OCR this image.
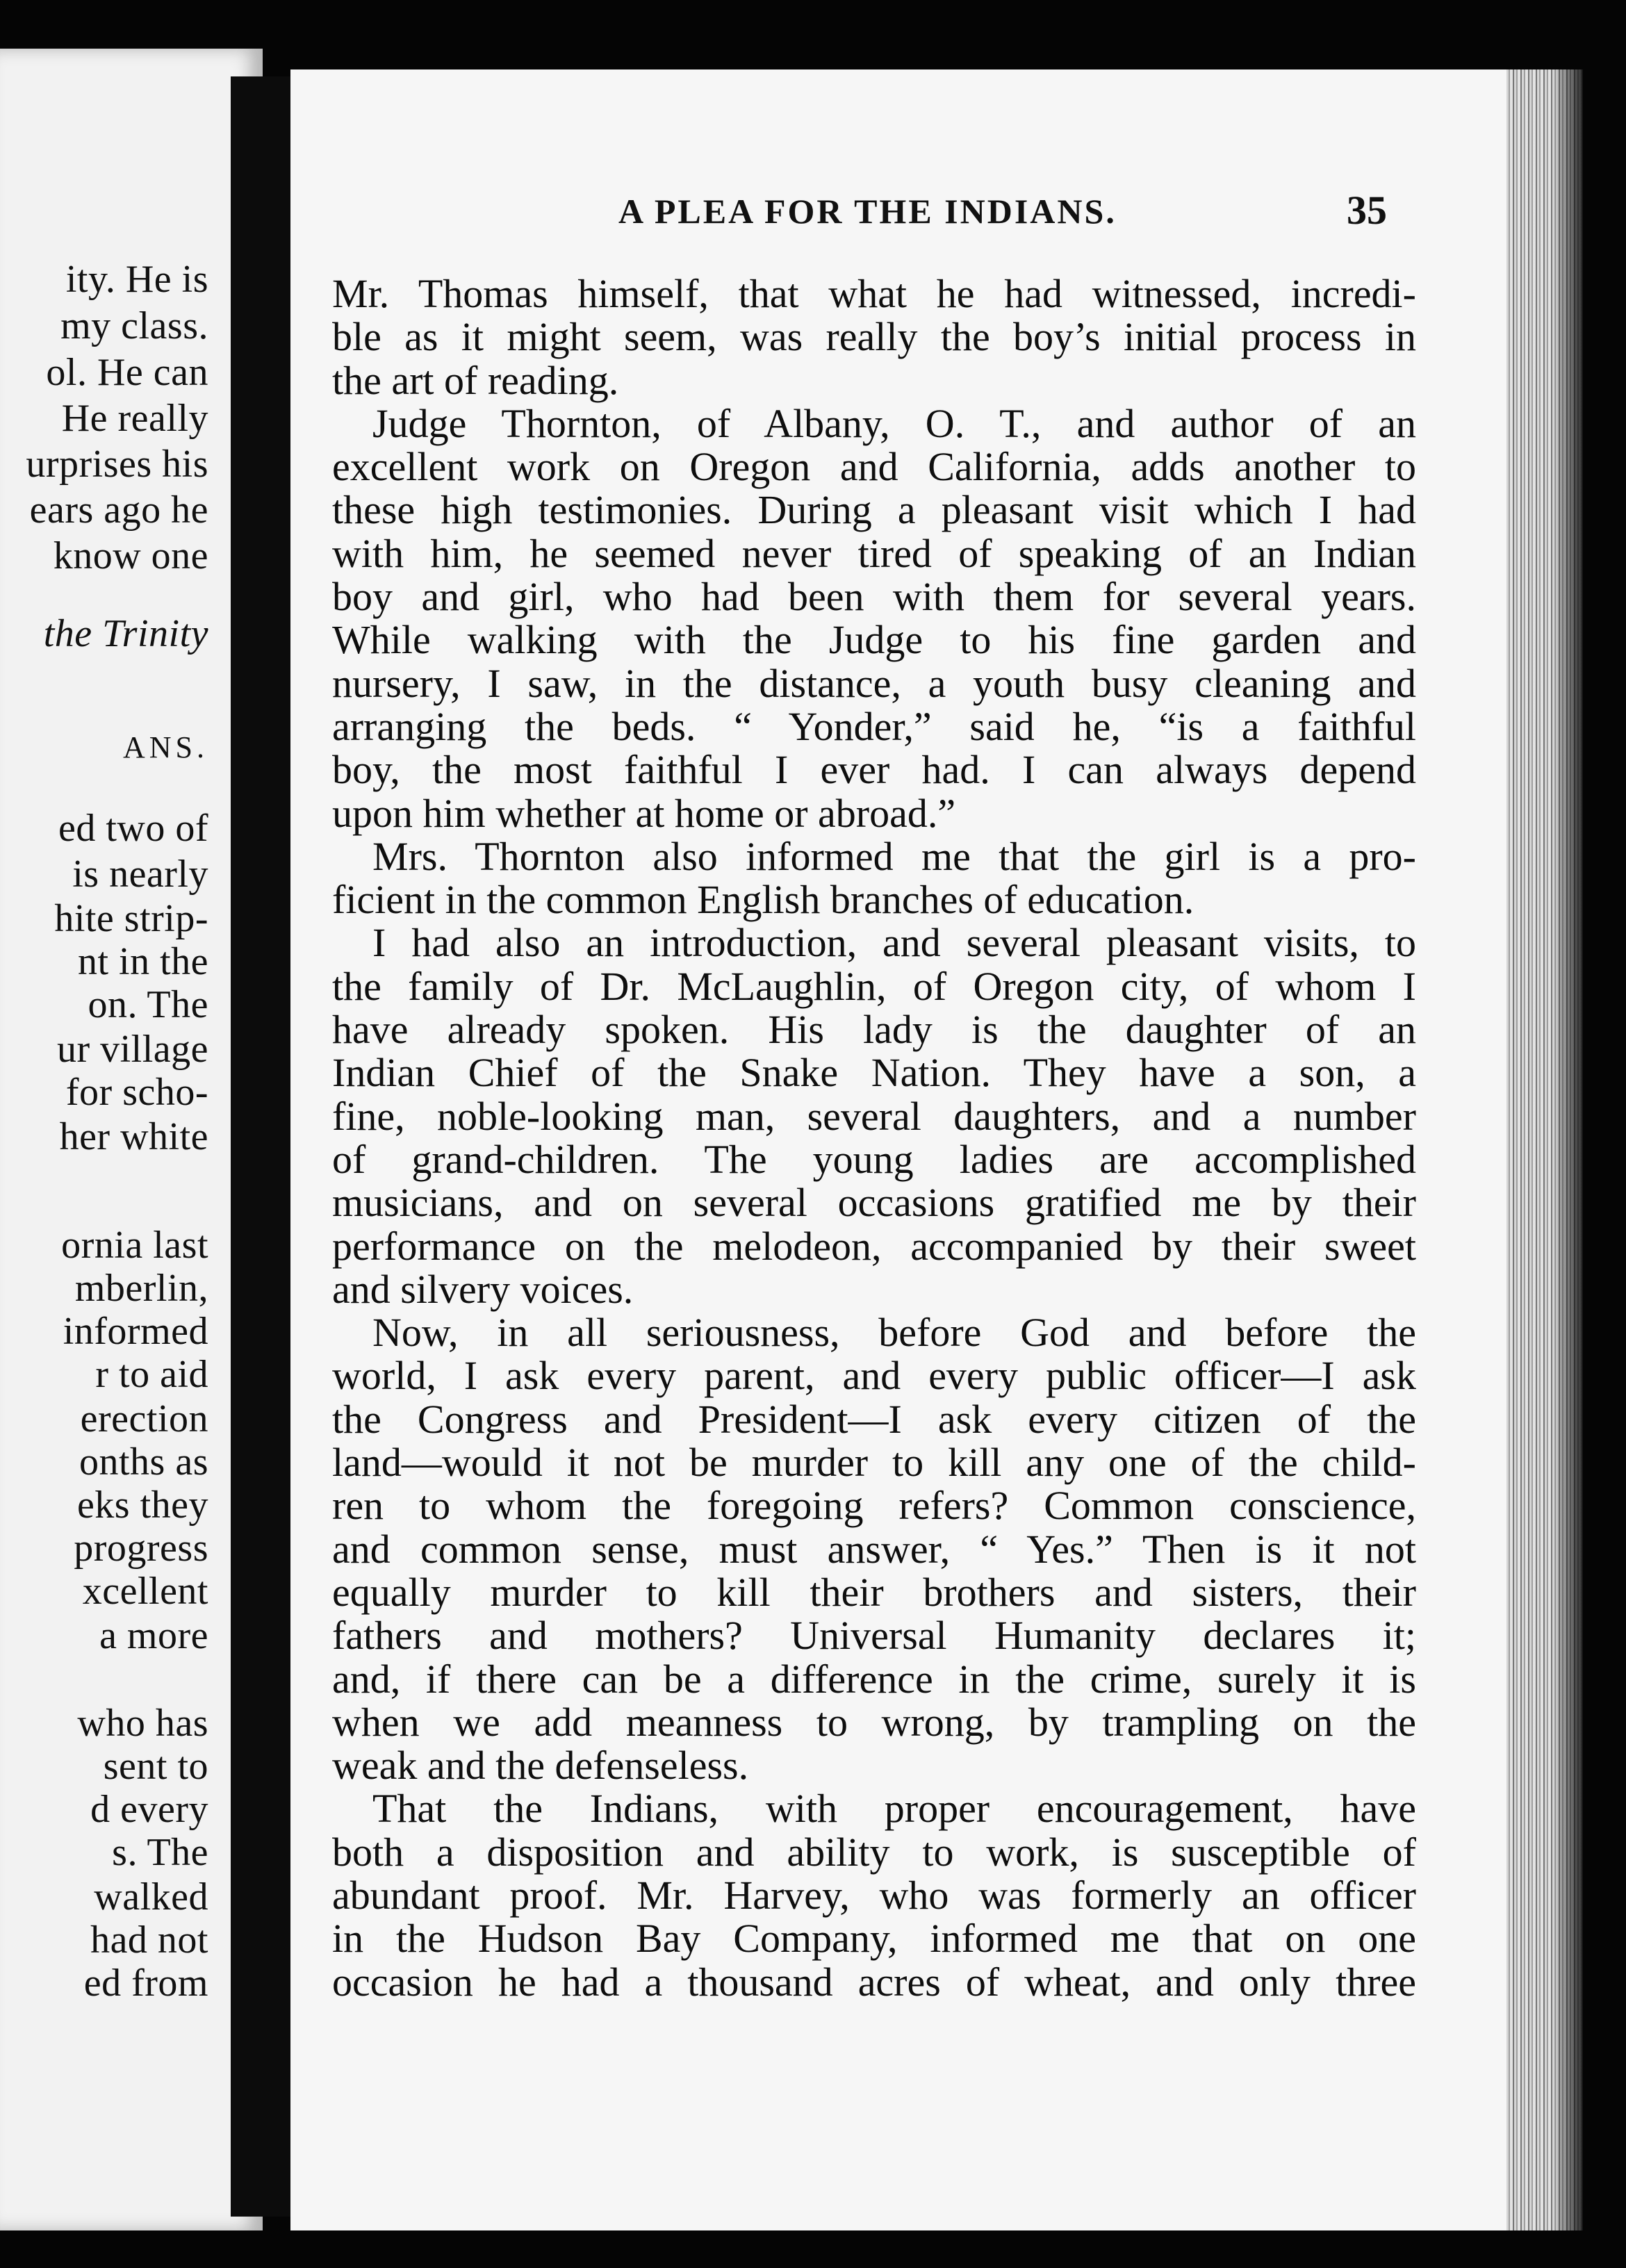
ity. He is
my class.
ol. He can
He really
urprises his
ears ago he
know one
the Trinity
ANS.
ed two of
is nearly
hite strip-
nt in the
on. The
ur village
for scho-
her white
ornia last
mberlin,
informed
r to aid
erection
onths as
eks they
progress
xcellent
a more
who has
sent to
d every
s. The
walked
had not
ed from
A PLEA FOR THE INDIANS.	35
Mr. Thomas himself, that what he had witnessed, incredi-
ble as it might seem, was really the boy’s initial process in
the art of reading.
Judge Thornton, of Albany, O. T., and author of an
excellent work on Oregon and California, adds another to
these high testimonies. During a pleasant visit which I had
with him, he seemed never tired of speaking of an Indian
boy and girl, who had been with them for several years.
While walking with the Judge to his fine garden and
nursery, I saw, in the distance, a youth busy cleaning and
arranging the beds. “ Yonder,” said he, “is a faithful
boy, the most faithful I ever had. I can always depend
upon him whether at home or abroad.”
Mrs. Thornton also informed me that the girl is a pro-
ficient in the common English branches of education.
I had also an introduction, and several pleasant visits, to
the family of Dr. McLaughlin, of Oregon city, of whom I
have already spoken. His lady is the daughter of an
Indian Chief of the Snake Nation. They have a son, a
fine, noble-looking man, several daughters, and a number
of grand-children. The young ladies are accomplished
musicians, and on several occasions gratified me by their
performance on the melodeon, accompanied by their sweet
and silvery voices.
Now, in all seriousness, before God and before the
world, I ask every parent, and every public officer—I ask
the Congress and President—I ask every citizen of the
land—would it not be murder to kill any one of the child-
ren to whom the foregoing refers? Common conscience,
and common sense, must answer, “ Yes.” Then is it not
equally murder to kill their brothers and sisters, their
fathers and mothers? Universal Humanity declares it;
and, if there can be a difference in the crime, surely it is
when we add meanness to wrong, by trampling on the
weak and the defenseless.
That the Indians, with proper encouragement, have
both a disposition and ability to work, is susceptible of
abundant proof. Mr. Harvey, who was formerly an officer
in the Hudson Bay Company, informed me that on one
occasion he had a thousand acres of wheat, and only three
